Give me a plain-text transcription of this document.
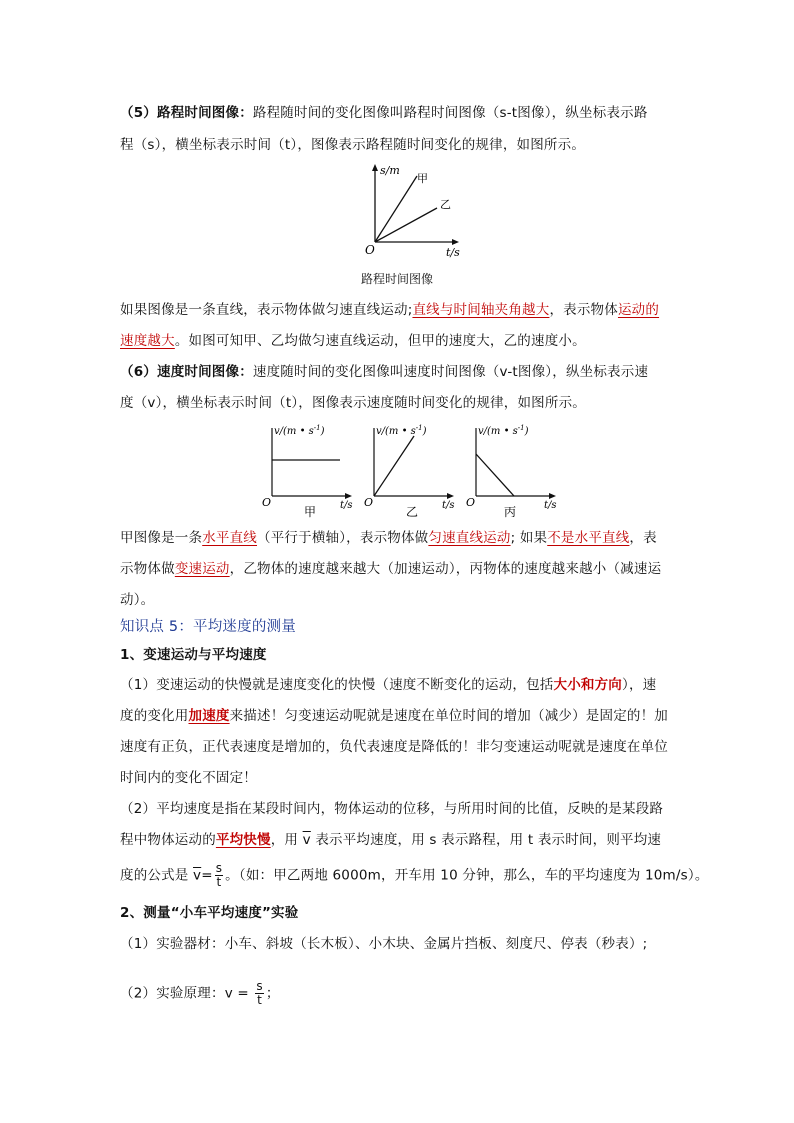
（5）路程时间图像：路程随时间的变化图像叫路程时间图像（s-t图像），纵坐标表示路
程（s），横坐标表示时间（t），图像表示路程随时间变化的规律，如图所示。
s/m
甲
乙
O	t/s
路程时间图像
如果图像是一条直线，表示物体做匀速直线运动;直线与时间轴夹角越大，表示物体运动的
速度越大。如图可知甲、乙均做匀速直线运动，但甲的速度大，乙的速度小。
（6）速度时间图像：速度随时间的变化图像叫速度时间图像（v-t图像），纵坐标表示速
度（v），横坐标表示时间（t），图像表示速度随时间变化的规律，如图所示。
v/(m • $s^{-1}$)
O	t/s
甲
v/(m • $s^{-1}$)
O	t/s
乙
v/(m • $s^{-1}$)
O	t/s
丙
甲图像是一条水平直线（平行于横轴），表示物体做匀速直线运动; 如果不是水平直线，表
示物体做变速运动，乙物体的速度越来越大（加速运动），丙物体的速度越来越小（减速运
动）。
知识点 5：平均迷度的测量
1、变速运动与平均速度
（1）变速运动的快慢就是速度变化的快慢（速度不断变化的运动，包括大小和方向），速
度的变化用加速度来描述！匀变速运动呢就是速度在单位时间的增加（减少）是固定的！加
速度有正负，正代表速度是增加的，负代表速度是降低的！非匀变速运动呢就是速度在单位
时间内的变化不固定！
（2）平均速度是指在某段时间内，物体运动的位移，与所用时间的比值，反映的是某段路
程中物体运动的平均快慢，用 $\overline{v}$ 表示平均速度，用 s 表示路程，用 t 表示时间，则平均速
度的公式是 $\overline{v}= \frac{s}{t}$ 。（如：甲乙两地 6000m，开车用 10 分钟，那么，车的平均速度为 10m/s）。
2、测量“小车平均速度”实验
（1）实验器材：小车、斜坡（长木板）、小木块、金属片挡板、刻度尺、停表（秒表）;
（2）实验原理：$v = \frac{s}{t}$ ；
